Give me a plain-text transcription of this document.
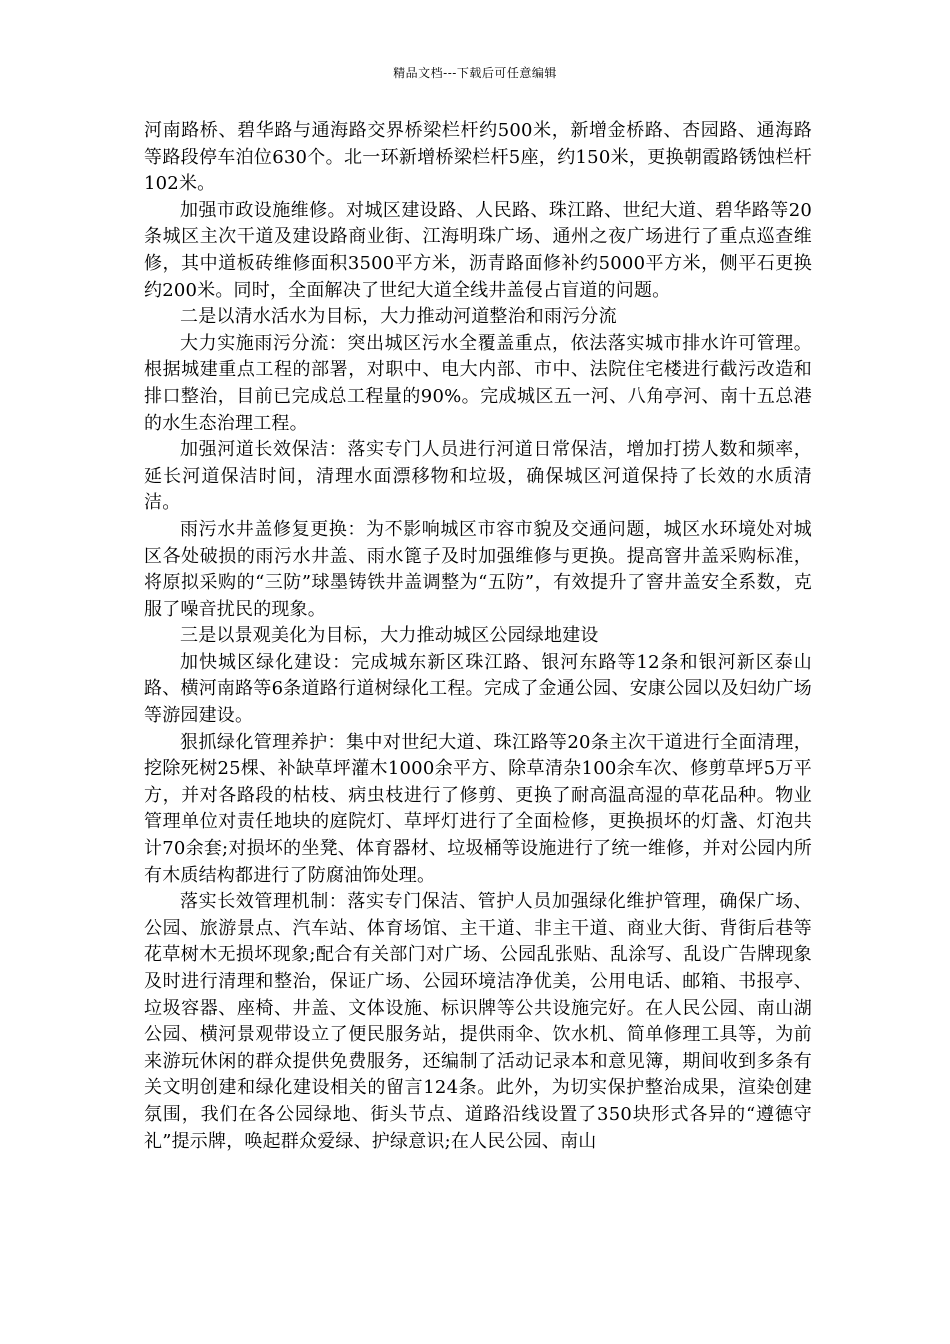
精品文档---下载后可任意编辑

河南路桥、碧华路与通海路交界桥梁栏杆约500米，新增金桥路、杏园路、通海路等路段停车泊位630个。北一环新增桥梁栏杆5座，约150米，更换朝霞路锈蚀栏杆102米。

加强市政设施维修。对城区建设路、人民路、珠江路、世纪大道、碧华路等20条城区主次干道及建设路商业街、江海明珠广场、通州之夜广场进行了重点巡查维修，其中道板砖维修面积3500平方米，沥青路面修补约5000平方米，侧平石更换约200米。同时，全面解决了世纪大道全线井盖侵占盲道的问题。

二是以清水活水为目标，大力推动河道整治和雨污分流

大力实施雨污分流：突出城区污水全覆盖重点，依法落实城市排水许可管理。根据城建重点工程的部署，对职中、电大内部、市中、法院住宅楼进行截污改造和排口整治，目前已完成总工程量的90%。完成城区五一河、八角亭河、南十五总港的水生态治理工程。

加强河道长效保洁：落实专门人员进行河道日常保洁，增加打捞人数和频率，延长河道保洁时间，清理水面漂移物和垃圾，确保城区河道保持了长效的水质清洁。

雨污水井盖修复更换：为不影响城区市容市貌及交通问题，城区水环境处对城区各处破损的雨污水井盖、雨水篦子及时加强维修与更换。提高窨井盖采购标准，将原拟采购的“三防”球墨铸铁井盖调整为“五防”，有效提升了窨井盖安全系数，克服了噪音扰民的现象。

三是以景观美化为目标，大力推动城区公园绿地建设

加快城区绿化建设：完成城东新区珠江路、银河东路等12条和银河新区泰山路、横河南路等6条道路行道树绿化工程。完成了金通公园、安康公园以及妇幼广场等游园建设。

狠抓绿化管理养护：集中对世纪大道、珠江路等20条主次干道进行全面清理，挖除死树25棵、补缺草坪灌木1000余平方、除草清杂100余车次、修剪草坪5万平方，并对各路段的枯枝、病虫枝进行了修剪、更换了耐高温高湿的草花品种。物业管理单位对责任地块的庭院灯、草坪灯进行了全面检修，更换损坏的灯盏、灯泡共计70余套;对损坏的坐凳、体育器材、垃圾桶等设施进行了统一维修，并对公园内所有木质结构都进行了防腐油饰处理。

落实长效管理机制：落实专门保洁、管护人员加强绿化维护管理，确保广场、公园、旅游景点、汽车站、体育场馆、主干道、非主干道、商业大街、背街后巷等花草树木无损坏现象;配合有关部门对广场、公园乱张贴、乱涂写、乱设广告牌现象及时进行清理和整治，保证广场、公园环境洁净优美，公用电话、邮箱、书报亭、垃圾容器、座椅、井盖、文体设施、标识牌等公共设施完好。在人民公园、南山湖公园、横河景观带设立了便民服务站，提供雨伞、饮水机、简单修理工具等，为前来游玩休闲的群众提供免费服务，还编制了活动记录本和意见簿，期间收到多条有关文明创建和绿化建设相关的留言124条。此外，为切实保护整治成果，渲染创建氛围，我们在各公园绿地、街头节点、道路沿线设置了350块形式各异的“遵德守礼”提示牌，唤起群众爱绿、护绿意识;在人民公园、南山
